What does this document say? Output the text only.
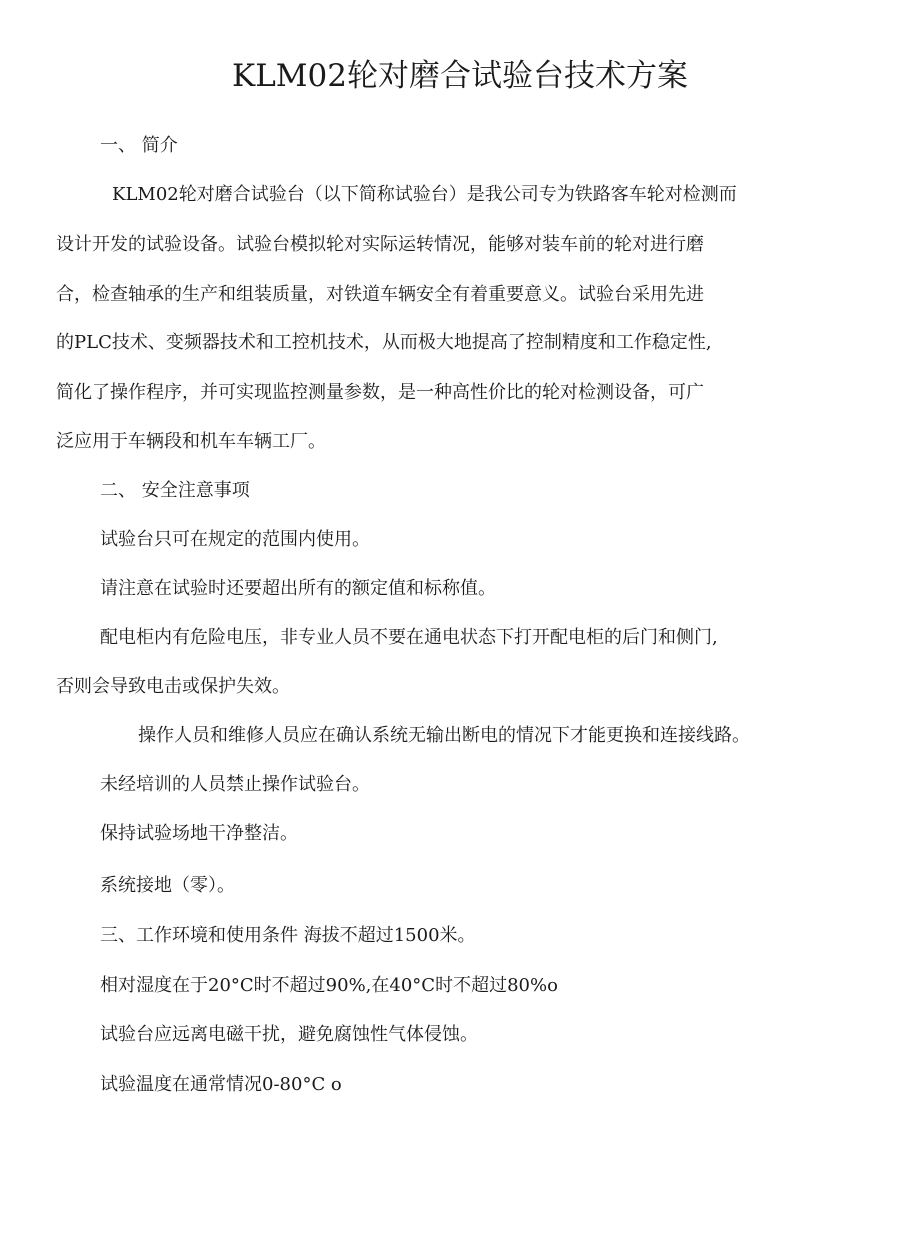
KLM02轮对磨合试验台技术方案
一、 简介
KLM02轮对磨合试验台（以下简称试验台）是我公司专为铁路客车轮对检测而
设计开发的试验设备。试验台模拟轮对实际运转情况，能够对装车前的轮对进行磨
合，检查轴承的生产和组装质量，对铁道车辆安全有着重要意义。试验台采用先进
的PLC技术、变频器技术和工控机技术，从而极大地提高了控制精度和工作稳定性,
简化了操作程序，并可实现监控测量参数，是一种高性价比的轮对检测设备，可广
泛应用于车辆段和机车车辆工厂。
二、 安全注意事项
试验台只可在规定的范围内使用。
请注意在试验时还要超出所有的额定值和标称值。
配电柜内有危险电压，非专业人员不要在通电状态下打开配电柜的后门和侧门,
否则会导致电击或保护失效。
操作人员和维修人员应在确认系统无输出断电的情况下才能更换和连接线路。
未经培训的人员禁止操作试验台。
保持试验场地干净整洁。
系统接地（零）。
三、工作环境和使用条件 海拔不超过1500米。
相对湿度在于20°C时不超过90%,在40°C时不超过80%o
试验台应远离电磁干扰，避免腐蚀性气体侵蚀。
试验温度在通常情况0-80°C o
